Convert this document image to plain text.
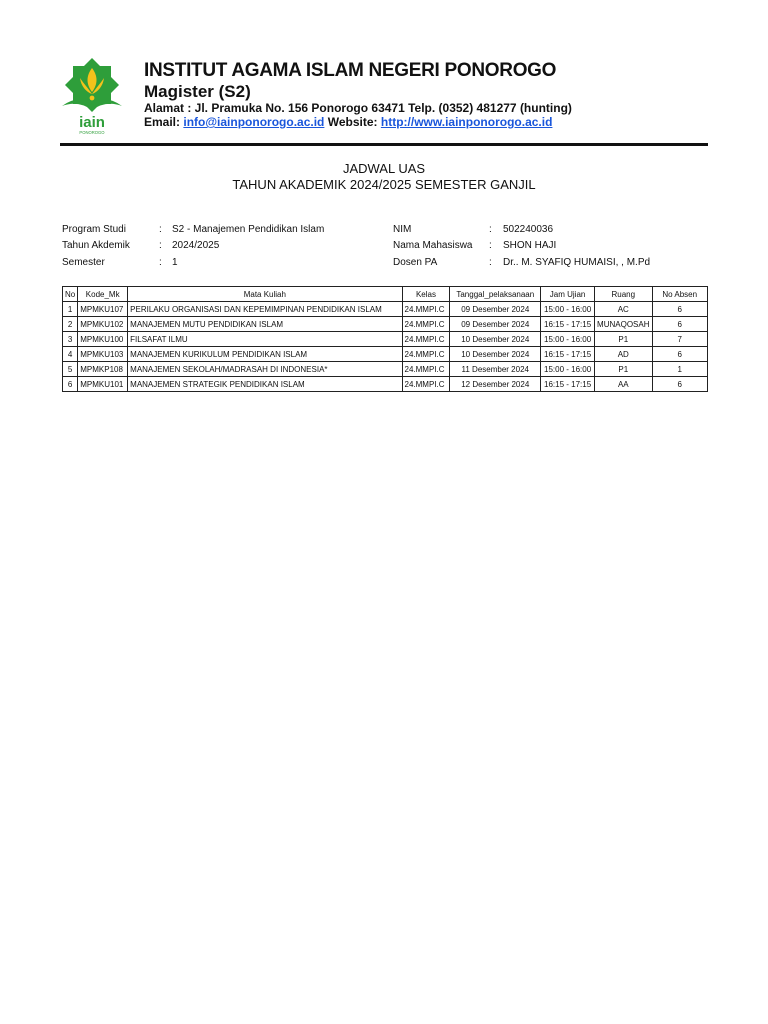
iain
PONOROGO
INSTITUT AGAMA ISLAM NEGERI PONOROGO
Magister (S2)
Alamat : Jl. Pramuka No. 156 Ponorogo 63471 Telp. (0352) 481277 (hunting)
Email: info@iainponorogo.ac.id Website: http://www.iainponorogo.ac.id
JADWAL UAS
TAHUN AKADEMIK 2024/2025 SEMESTER GANJIL
Program Studi	: S2 - Manajemen Pendidikan Islam
Tahun Akdemik	: 2024/2025
Semester	: 1
NIM	: 502240036
Nama Mahasiswa : SHON HAJI
Dosen PA	: Dr.. M. SYAFIQ HUMAISI, , M.Pd
No	Kode_Mk	Mata Kuliah	Kelas	Tanggal_pelaksanaan	Jam Ujian	Ruang	No Absen
1	MPMKU107	PERILAKU ORGANISASI DAN KEPEMIMPINAN PENDIDIKAN ISLAM	24.MMPI.C	09 Desember 2024	15:00 - 16:00	AC	6
2	MPMKU102	MANAJEMEN MUTU PENDIDIKAN ISLAM	24.MMPI.C	09 Desember 2024	16:15 - 17:15	MUNAQOSAH	6
3	MPMKU100	FILSAFAT ILMU	24.MMPI.C	10 Desember 2024	15:00 - 16:00	P1	7
4	MPMKU103	MANAJEMEN KURIKULUM PENDIDIKAN ISLAM	24.MMPI.C	10 Desember 2024	16:15 - 17:15	AD	6
5	MPMKP108	MANAJEMEN SEKOLAH/MADRASAH DI INDONESIA*	24.MMPI.C	11 Desember 2024	15:00 - 16:00	P1	1
6	MPMKU101	MANAJEMEN STRATEGIK PENDIDIKAN ISLAM	24.MMPI.C	12 Desember 2024	16:15 - 17:15	AA	6
